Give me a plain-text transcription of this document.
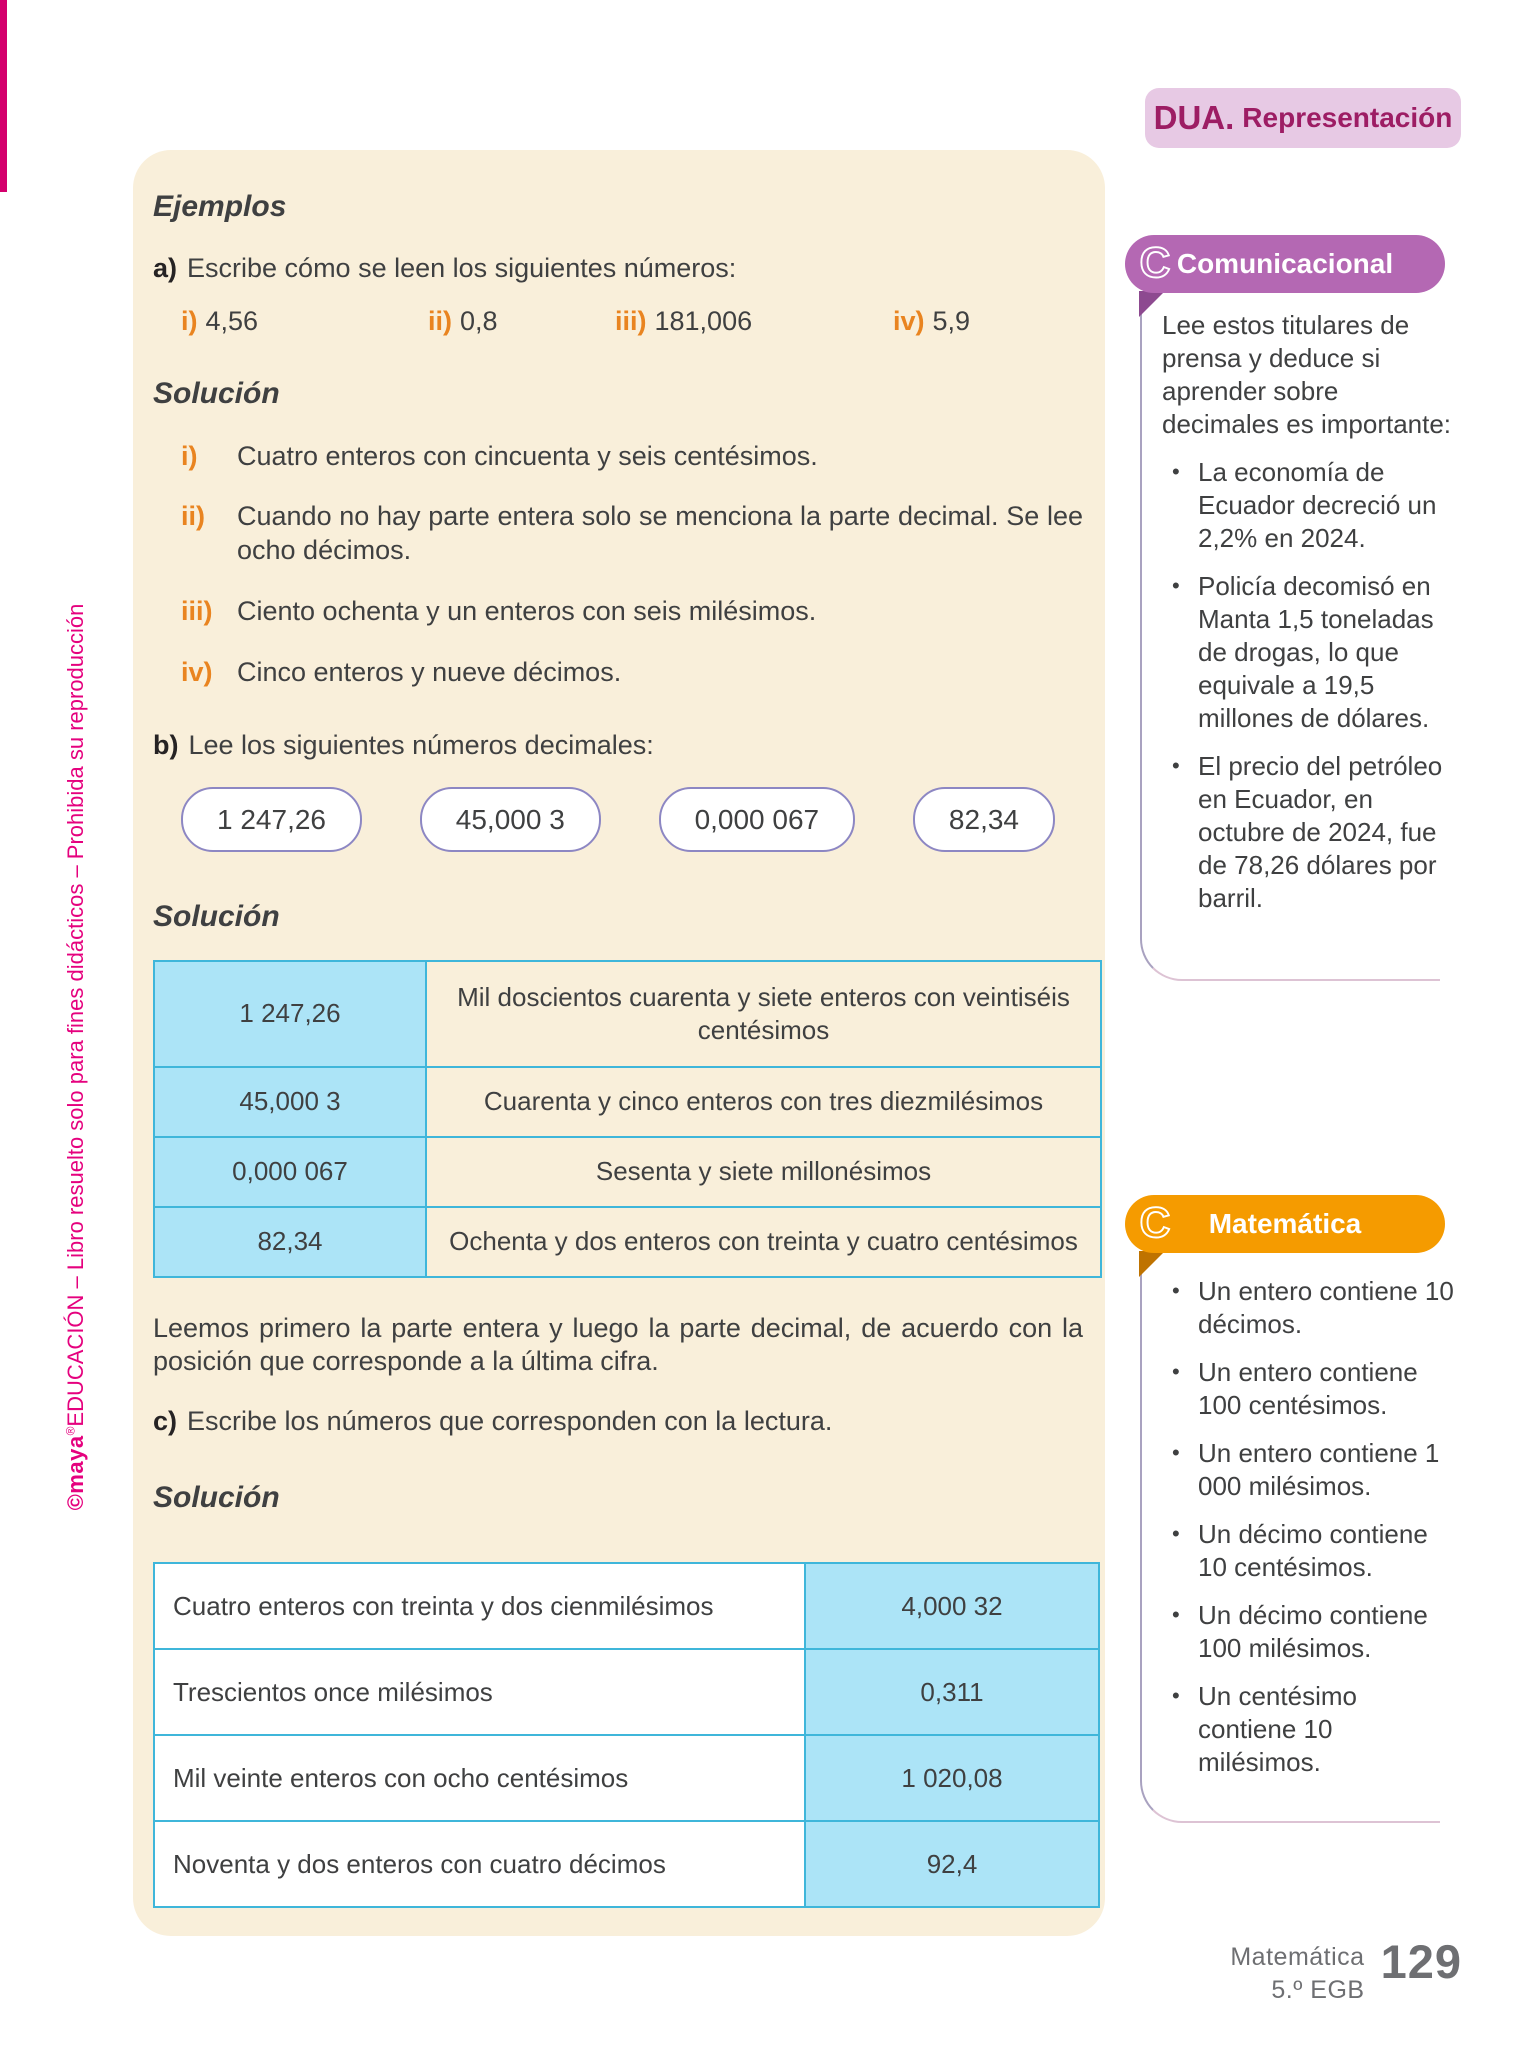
©maya®EDUCACIÓN – Libro resuelto solo para fines didácticos – Prohibida su reproducción
DUA. Representación
Ejemplos
a) Escribe cómo se leen los siguientes números:
i) 4,56	ii) 0,8	iii) 181,006	iv) 5,9
Solución
i)	Cuatro enteros con cincuenta y seis centésimos.
ii)	Cuando no hay parte entera solo se menciona la parte decimal. Se lee ocho décimos.
iii) Ciento ochenta y un enteros con seis milésimos.
iv) Cinco enteros y nueve décimos.
b) Lee los siguientes números decimales:
1 247,26	45,000 3	0,000 067	82,34
Solución
1 247,26	Mil doscientos cuarenta y siete enteros con veintiséis centésimos
45,000 3	Cuarenta y cinco enteros con tres diezmilésimos
0,000 067	Sesenta y siete millonésimos
82,34	Ochenta y dos enteros con treinta y cuatro centésimos
Leemos primero la parte entera y luego la parte decimal, de acuerdo con la posición que corresponde a la última cifra.
c) Escribe los números que corresponden con la lectura.
Solución
Cuatro enteros con treinta y dos cienmilésimos	4,000 32
Trescientos once milésimos	0,311
Mil veinte enteros con ocho centésimos	1 020,08
Noventa y dos enteros con cuatro décimos	92,4
C Comunicacional
Lee estos titulares de prensa y deduce si aprender sobre decimales es importante:
• La economía de Ecuador decreció un 2,2% en 2024.
• Policía decomisó en Manta 1,5 toneladas de drogas, lo que equivale a 19,5 millones de dólares.
• El precio del petróleo en Ecuador, en octubre de 2024, fue de 78,26 dólares por barril.
C Matemática
• Un entero contiene 10 décimos.
• Un entero contiene 100 centésimos.
• Un entero contiene 1 000 milésimos.
• Un décimo contiene 10 centésimos.
• Un décimo contiene 100 milésimos.
• Un centésimo contiene 10 milésimos.
Matemática
5.º EGB
129
